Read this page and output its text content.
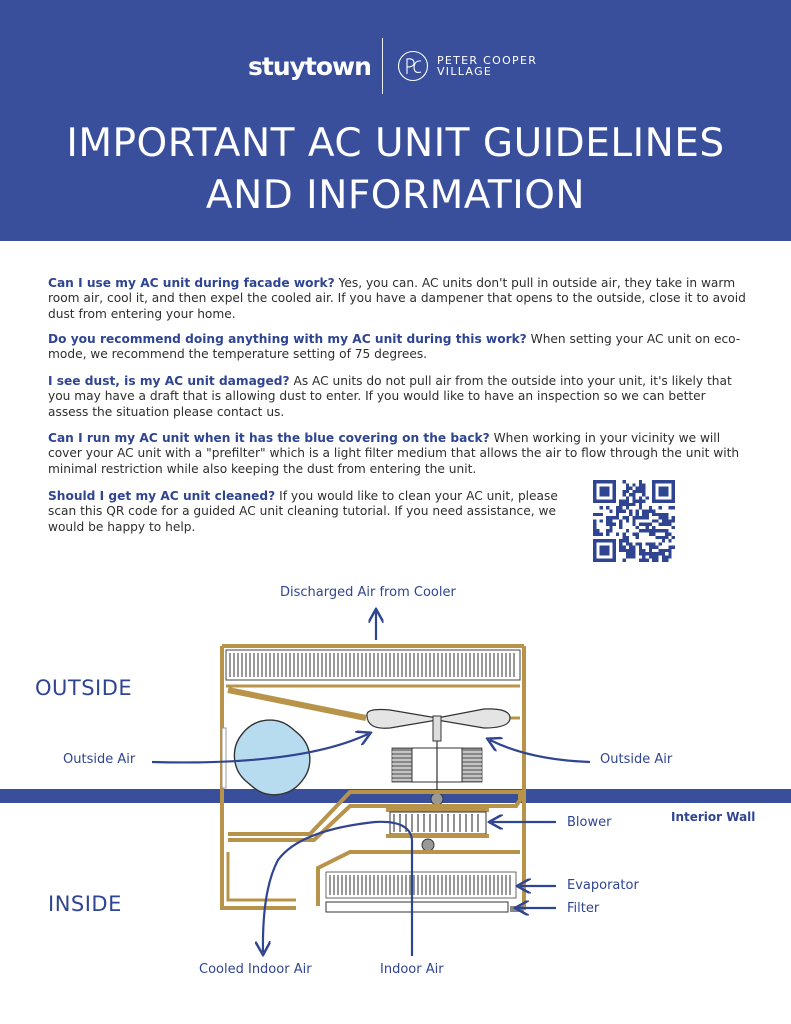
stuytown	PETER COOPER
VILLAGE
IMPORTANT AC UNIT GUIDELINES
AND INFORMATION
Can I use my AC unit during facade work? Yes, you can. AC units don't pull in outside air, they take in warm room air, cool it, and then expel the cooled air. If you have a dampener that opens to the outside, close it to avoid dust from entering your home.
Do you recommend doing anything with my AC unit during this work? When setting your AC unit on eco-mode, we recommend the temperature setting of 75 degrees.
I see dust, is my AC unit damaged? As AC units do not pull air from the outside into your unit, it's likely that you may have a draft that is allowing dust to enter. If you would like to have an inspection so we can better assess the situation please contact us.
Can I run my AC unit when it has the blue covering on the back? When working in your vicinity we will cover your AC unit with a "prefilter" which is a light filter medium that allows the air to flow through the unit with minimal restriction while also keeping the dust from entering the unit.
Should I get my AC unit cleaned? If you would like to clean your AC unit, please scan this QR code for a guided AC unit cleaning tutorial. If you need assistance, we would be happy to help.
Discharged Air from Cooler
OUTSIDE
Outside Air	Outside Air
Interior Wall
Blower
INSIDE
Evaporator
Filter
Cooled Indoor Air	Indoor Air
